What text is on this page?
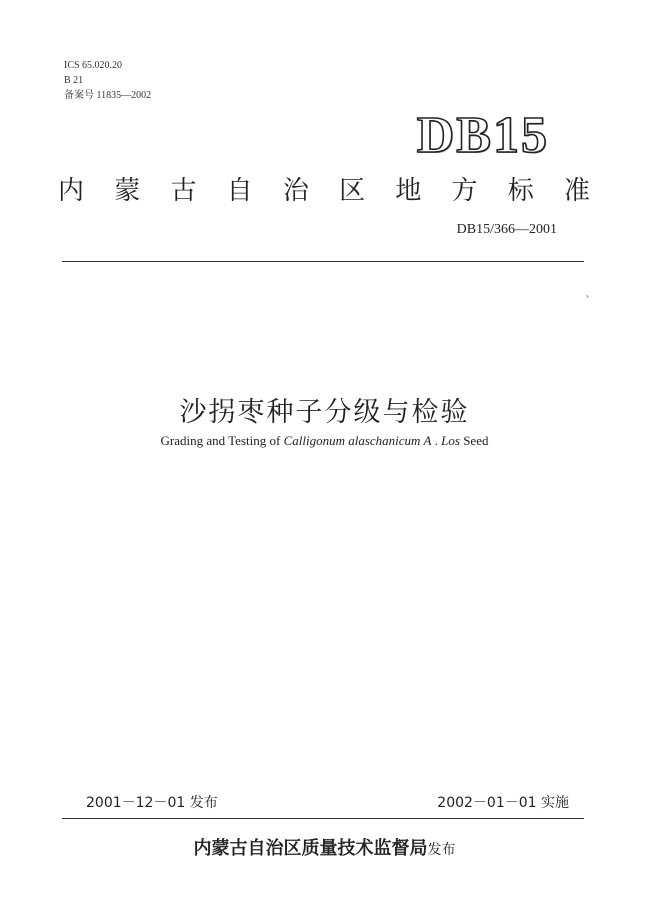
ICS 65.020.20
B 21
备案号 11835—2002
DB15
内 蒙 古 自 治 区 地 方 标 准
DB15/366—2001
›
沙拐枣种子分级与检验
Grading and Testing of Calligonum alaschanicum A . Los Seed
2001－12－01 发布	2002－01－01 实施
内蒙古自治区质量技术监督局发布
